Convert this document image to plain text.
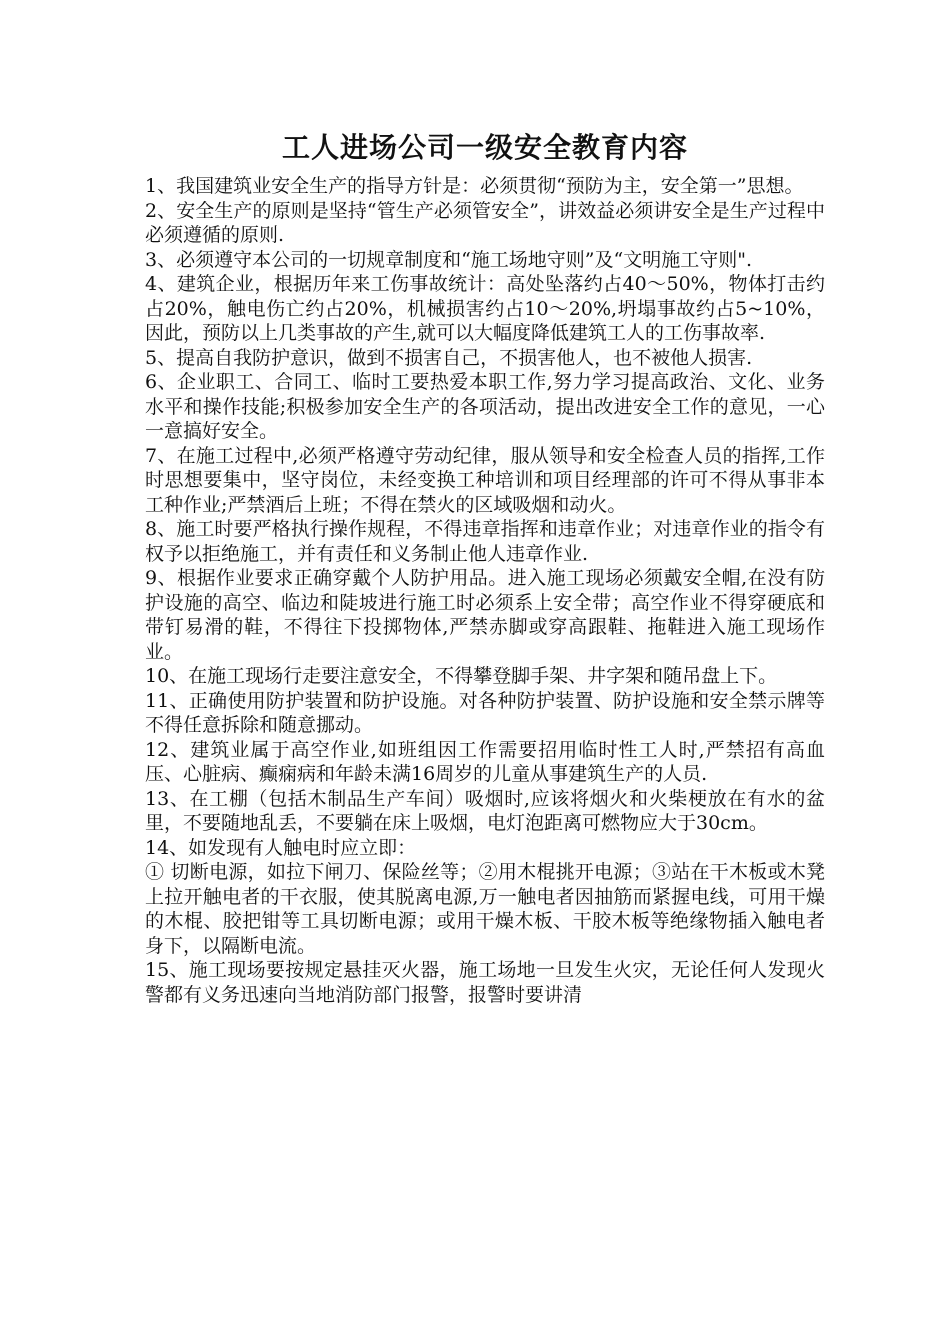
工人进场公司一级安全教育内容

1、我国建筑业安全生产的指导方针是：必须贯彻“预防为主，安全第一”思想。

2、安全生产的原则是坚持“管生产必须管安全”，讲效益必须讲安全是生产过程中必须遵循的原则.

3、必须遵守本公司的一切规章制度和“施工场地守则”及“文明施工守则".

4、建筑企业，根据历年来工伤事故统计：高处坠落约占40～50%，物体打击约占20%，触电伤亡约占20%，机械损害约占10～20%,坍塌事故约占5~10%，因此，预防以上几类事故的产生,就可以大幅度降低建筑工人的工伤事故率.

5、提高自我防护意识，做到不损害自己，不损害他人，也不被他人损害.

6、企业职工、合同工、临时工要热爱本职工作,努力学习提高政治、文化、业务水平和操作技能;积极参加安全生产的各项活动，提出改进安全工作的意见，一心一意搞好安全。

7、在施工过程中,必须严格遵守劳动纪律，服从领导和安全检查人员的指挥,工作时思想要集中，坚守岗位，未经变换工种培训和项目经理部的许可不得从事非本工种作业;严禁酒后上班；不得在禁火的区域吸烟和动火。

8、施工时要严格执行操作规程，不得违章指挥和违章作业；对违章作业的指令有权予以拒绝施工，并有责任和义务制止他人违章作业.

9、根据作业要求正确穿戴个人防护用品。进入施工现场必须戴安全帽,在没有防护设施的高空、临边和陡坡进行施工时必须系上安全带；高空作业不得穿硬底和带钉易滑的鞋，不得往下投掷物体,严禁赤脚或穿高跟鞋、拖鞋进入施工现场作业。

10、在施工现场行走要注意安全，不得攀登脚手架、井字架和随吊盘上下。

11、正确使用防护装置和防护设施。对各种防护装置、防护设施和安全禁示牌等不得任意拆除和随意挪动。

12、建筑业属于高空作业,如班组因工作需要招用临时性工人时,严禁招有高血压、心脏病、癫痫病和年龄未满16周岁的儿童从事建筑生产的人员.

13、在工棚（包括木制品生产车间）吸烟时,应该将烟火和火柴梗放在有水的盆里，不要随地乱丢，不要躺在床上吸烟，电灯泡距离可燃物应大于30cm。

14、如发现有人触电时应立即：

① 切断电源，如拉下闸刀、保险丝等；②用木棍挑开电源；③站在干木板或木凳上拉开触电者的干衣服，使其脱离电源,万一触电者因抽筋而紧握电线，可用干燥的木棍、胶把钳等工具切断电源；或用干燥木板、干胶木板等绝缘物插入触电者身下，以隔断电流。

15、施工现场要按规定悬挂灭火器，施工场地一旦发生火灾，无论任何人发现火警都有义务迅速向当地消防部门报警，报警时要讲清
